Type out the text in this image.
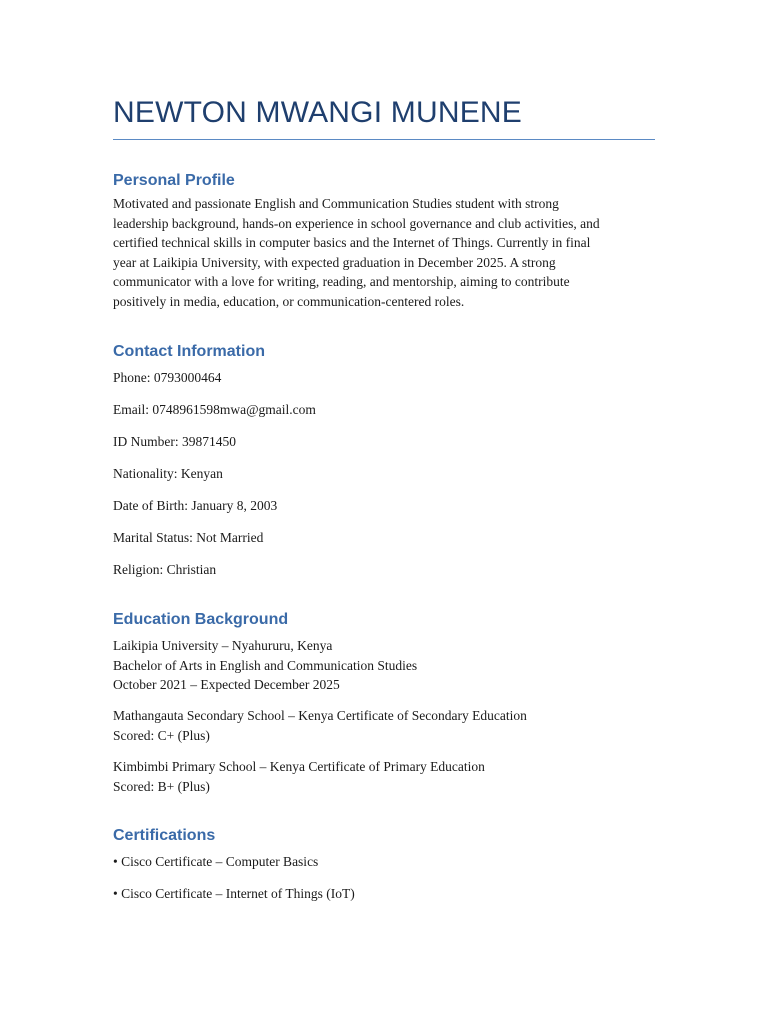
NEWTON MWANGI MUNENE
Personal Profile

Motivated and passionate English and Communication Studies student with strong
leadership background, hands-on experience in school governance and club activities, and
certified technical skills in computer basics and the Internet of Things. Currently in final
year at Laikipia University, with expected graduation in December 2025. A strong
communicator with a love for writing, reading, and mentorship, aiming to contribute
positively in media, education, or communication-centered roles.

Contact Information

Phone: 0793000464

Email: 0748961598mwa@gmail.com

ID Number: 39871450

Nationality: Kenyan

Date of Birth: January 8, 2003

Marital Status: Not Married

Religion: Christian

Education Background

Laikipia University – Nyahururu, Kenya
Bachelor of Arts in English and Communication Studies
October 2021 – Expected December 2025

Mathangauta Secondary School – Kenya Certificate of Secondary Education
Scored: C+ (Plus)

Kimbimbi Primary School – Kenya Certificate of Primary Education
Scored: B+ (Plus)

Certifications

• Cisco Certificate – Computer Basics

• Cisco Certificate – Internet of Things (IoT)
